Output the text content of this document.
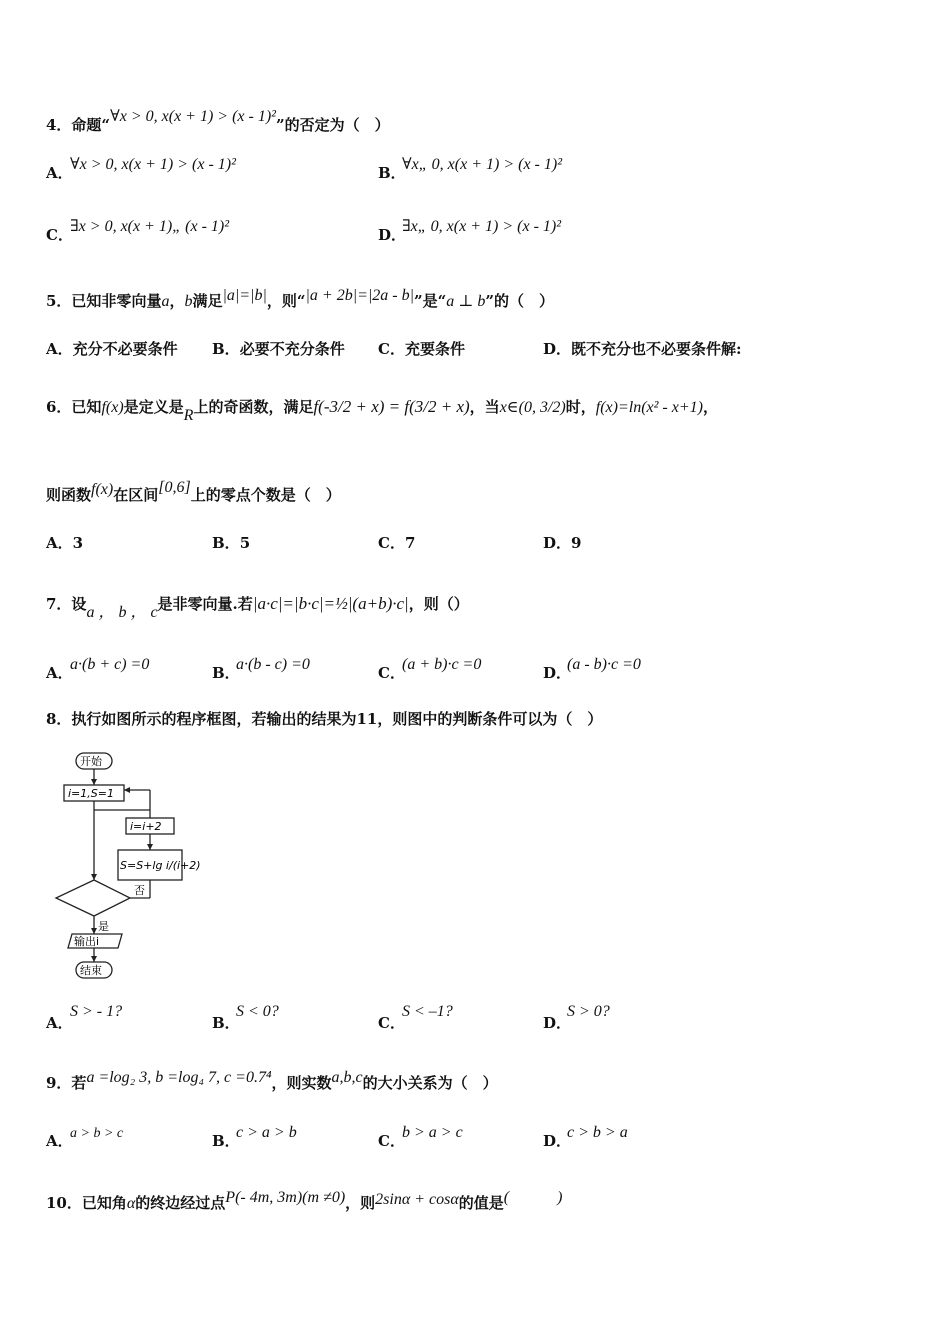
4．命题“∀x > 0, x(x + 1) > (x - 1)²”的否定为（　）
A．∀x > 0, x(x + 1) > (x - 1)²	B．∀x„ 0, x(x + 1) > (x - 1)²
C．∃x > 0, x(x + 1)„ (x - 1)²	D．∃x„ 0, x(x + 1) > (x - 1)²
5．已知非零向量a，b满足|a|=|b|，则“|a + 2b|=|2a - b|”是“a ⊥ b”的（　）
A．充分不必要条件 B．必要不充分条件 C．充要条件	D．既不充分也不必要条件解:
6．已知f(x)是定义是R上的奇函数，满足f(-3/2 + x) = f(3/2 + x)，当x∈(0, 3/2)时，f(x)=ln(x² - x+1)，
则函数f(x)在区间[0,6]上的零点个数是（　）
A．3	B．5	C．7	D．9
7．设a ， b ， c是非零向量.若|a·c|=|b·c|=½|(a+b)·c|，则（）
A．a·(b + c) =0	B．a·(b - c) =0	C．(a + b)·c =0	D．(a - b)·c =0
8．执行如图所示的程序框图，若输出的结果为11，则图中的判断条件可以为（　）
开始
i=1,S=1
i=i+2
S=S+lg i/(i+2)
否
是
输出i
结束
A．S > - 1?
B．S < 0?
C．S < –1?
D．S > 0?
9．若a =log₂ 3, b =log₄ 7, c =0.7⁴，则实数a,b,c的大小关系为（　）
A．a > b > c	B．c > a > b	C．b > a > c	D．c > b > a
10．已知角α的终边经过点P(- 4m, 3m)(m ≠0)，则2sinα + cosα的值是(　　　)
